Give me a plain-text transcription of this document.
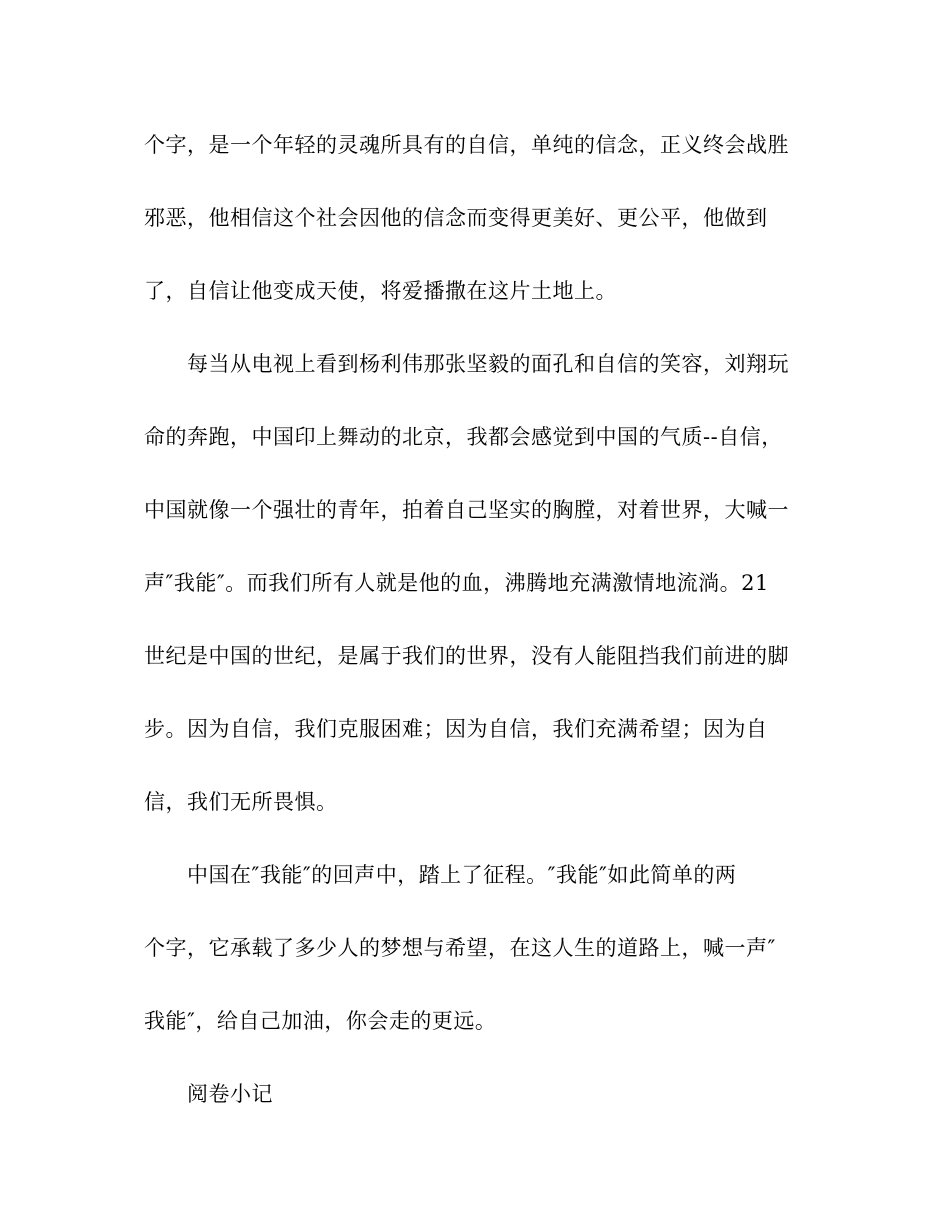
个字，是一个年轻的灵魂所具有的自信，单纯的信念，正义终会战胜
邪恶，他相信这个社会因他的信念而变得更美好、更公平，他做到
了，自信让他变成天使，将爱播撒在这片土地上。
每当从电视上看到杨利伟那张坚毅的面孔和自信的笑容，刘翔玩
命的奔跑，中国印上舞动的北京，我都会感觉到中国的气质--自信，
中国就像一个强壮的青年，拍着自己坚实的胸膛，对着世界，大喊一
声″我能″。而我们所有人就是他的血，沸腾地充满激情地流淌。21
世纪是中国的世纪，是属于我们的世界，没有人能阻挡我们前进的脚
步。因为自信，我们克服困难；因为自信，我们充满希望；因为自
信，我们无所畏惧。
中国在″我能″的回声中，踏上了征程。″我能″如此简单的两
个字，它承载了多少人的梦想与希望，在这人生的道路上，喊一声″
我能″，给自己加油，你会走的更远。
阅卷小记
